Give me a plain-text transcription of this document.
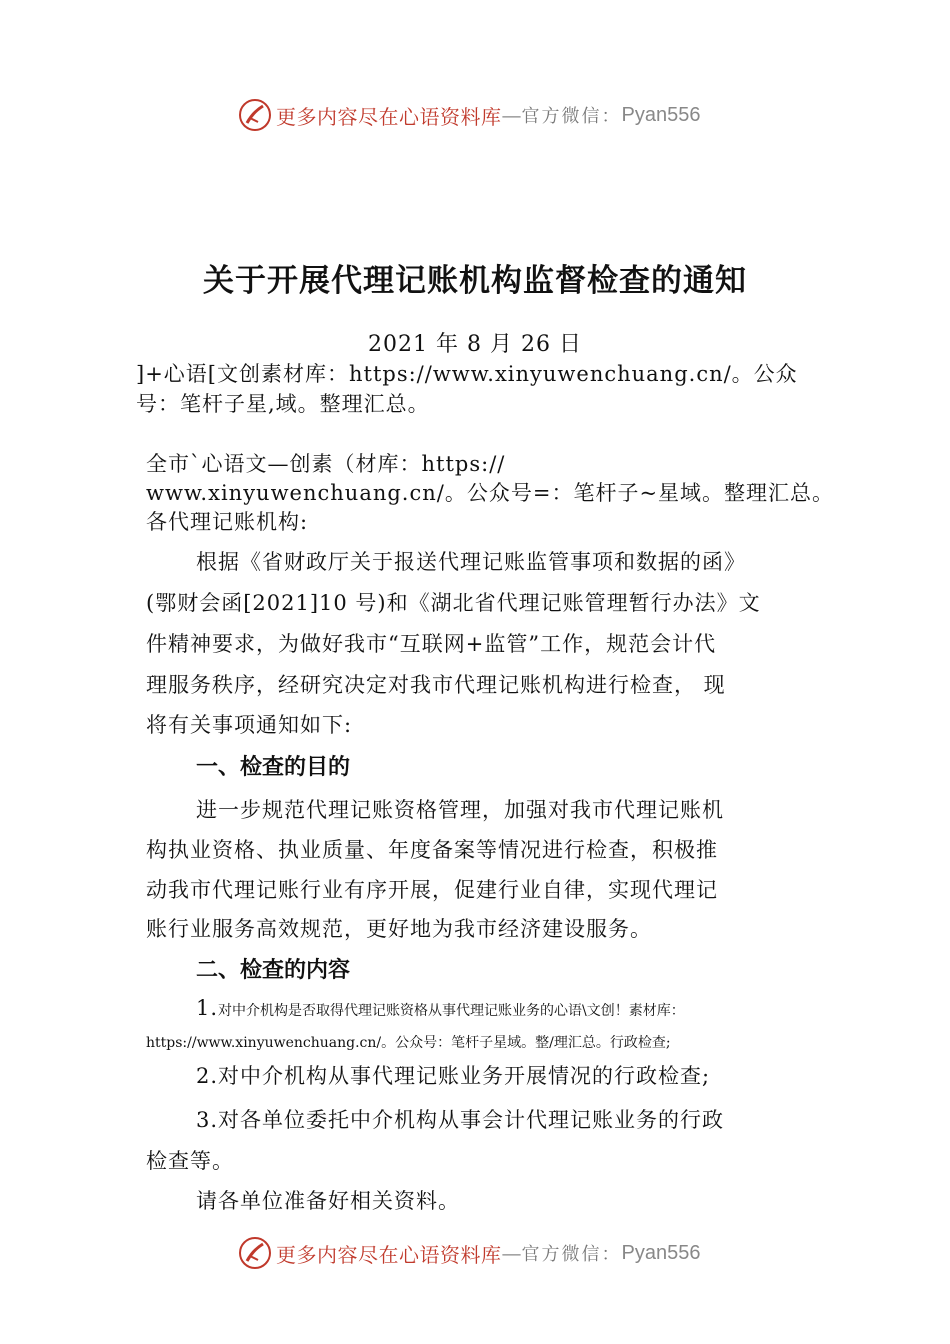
更多内容尽在心语资料库 — 官方微信： Pyan556
关于开展代理记账机构监督检查的通知
2021 年 8 月 26 日
]+心语[文创素材库：https://www.xinyuwenchuang.cn/。公众
号：笔杆子星,域。整理汇总。
全市`心语文—创素（材库：https://
www.xinyuwenchuang.cn/。公众号=：笔杆子~星域。整理汇总。
各代理记账机构:
根据《省财政厅关于报送代理记账监管事项和数据的函》
(鄂财会函[2021]10 号)和《湖北省代理记账管理暂行办法》文
件精神要求，为做好我市“互联网+监管”工作，规范会计代
理服务秩序，经研究决定对我市代理记账机构进行检查， 现
将有关事项通知如下:
一、检查的目的
进一步规范代理记账资格管理，加强对我市代理记账机
构执业资格、执业质量、年度备案等情况进行检查，积极推
动我市代理记账行业有序开展，促建行业自律，实现代理记
账行业服务高效规范，更好地为我市经济建设服务。
二、检查的内容
1.对中介机构是否取得代理记账资格从事代理记账业务的心语\文创！素材库：
https://www.xinyuwenchuang.cn/。公众号：笔杆子星域。整/理汇总。行政检查;
2.对中介机构从事代理记账业务开展情况的行政检查;
3.对各单位委托中介机构从事会计代理记账业务的行政
检查等。
请各单位准备好相关资料。
更多内容尽在心语资料库 — 官方微信： Pyan556
